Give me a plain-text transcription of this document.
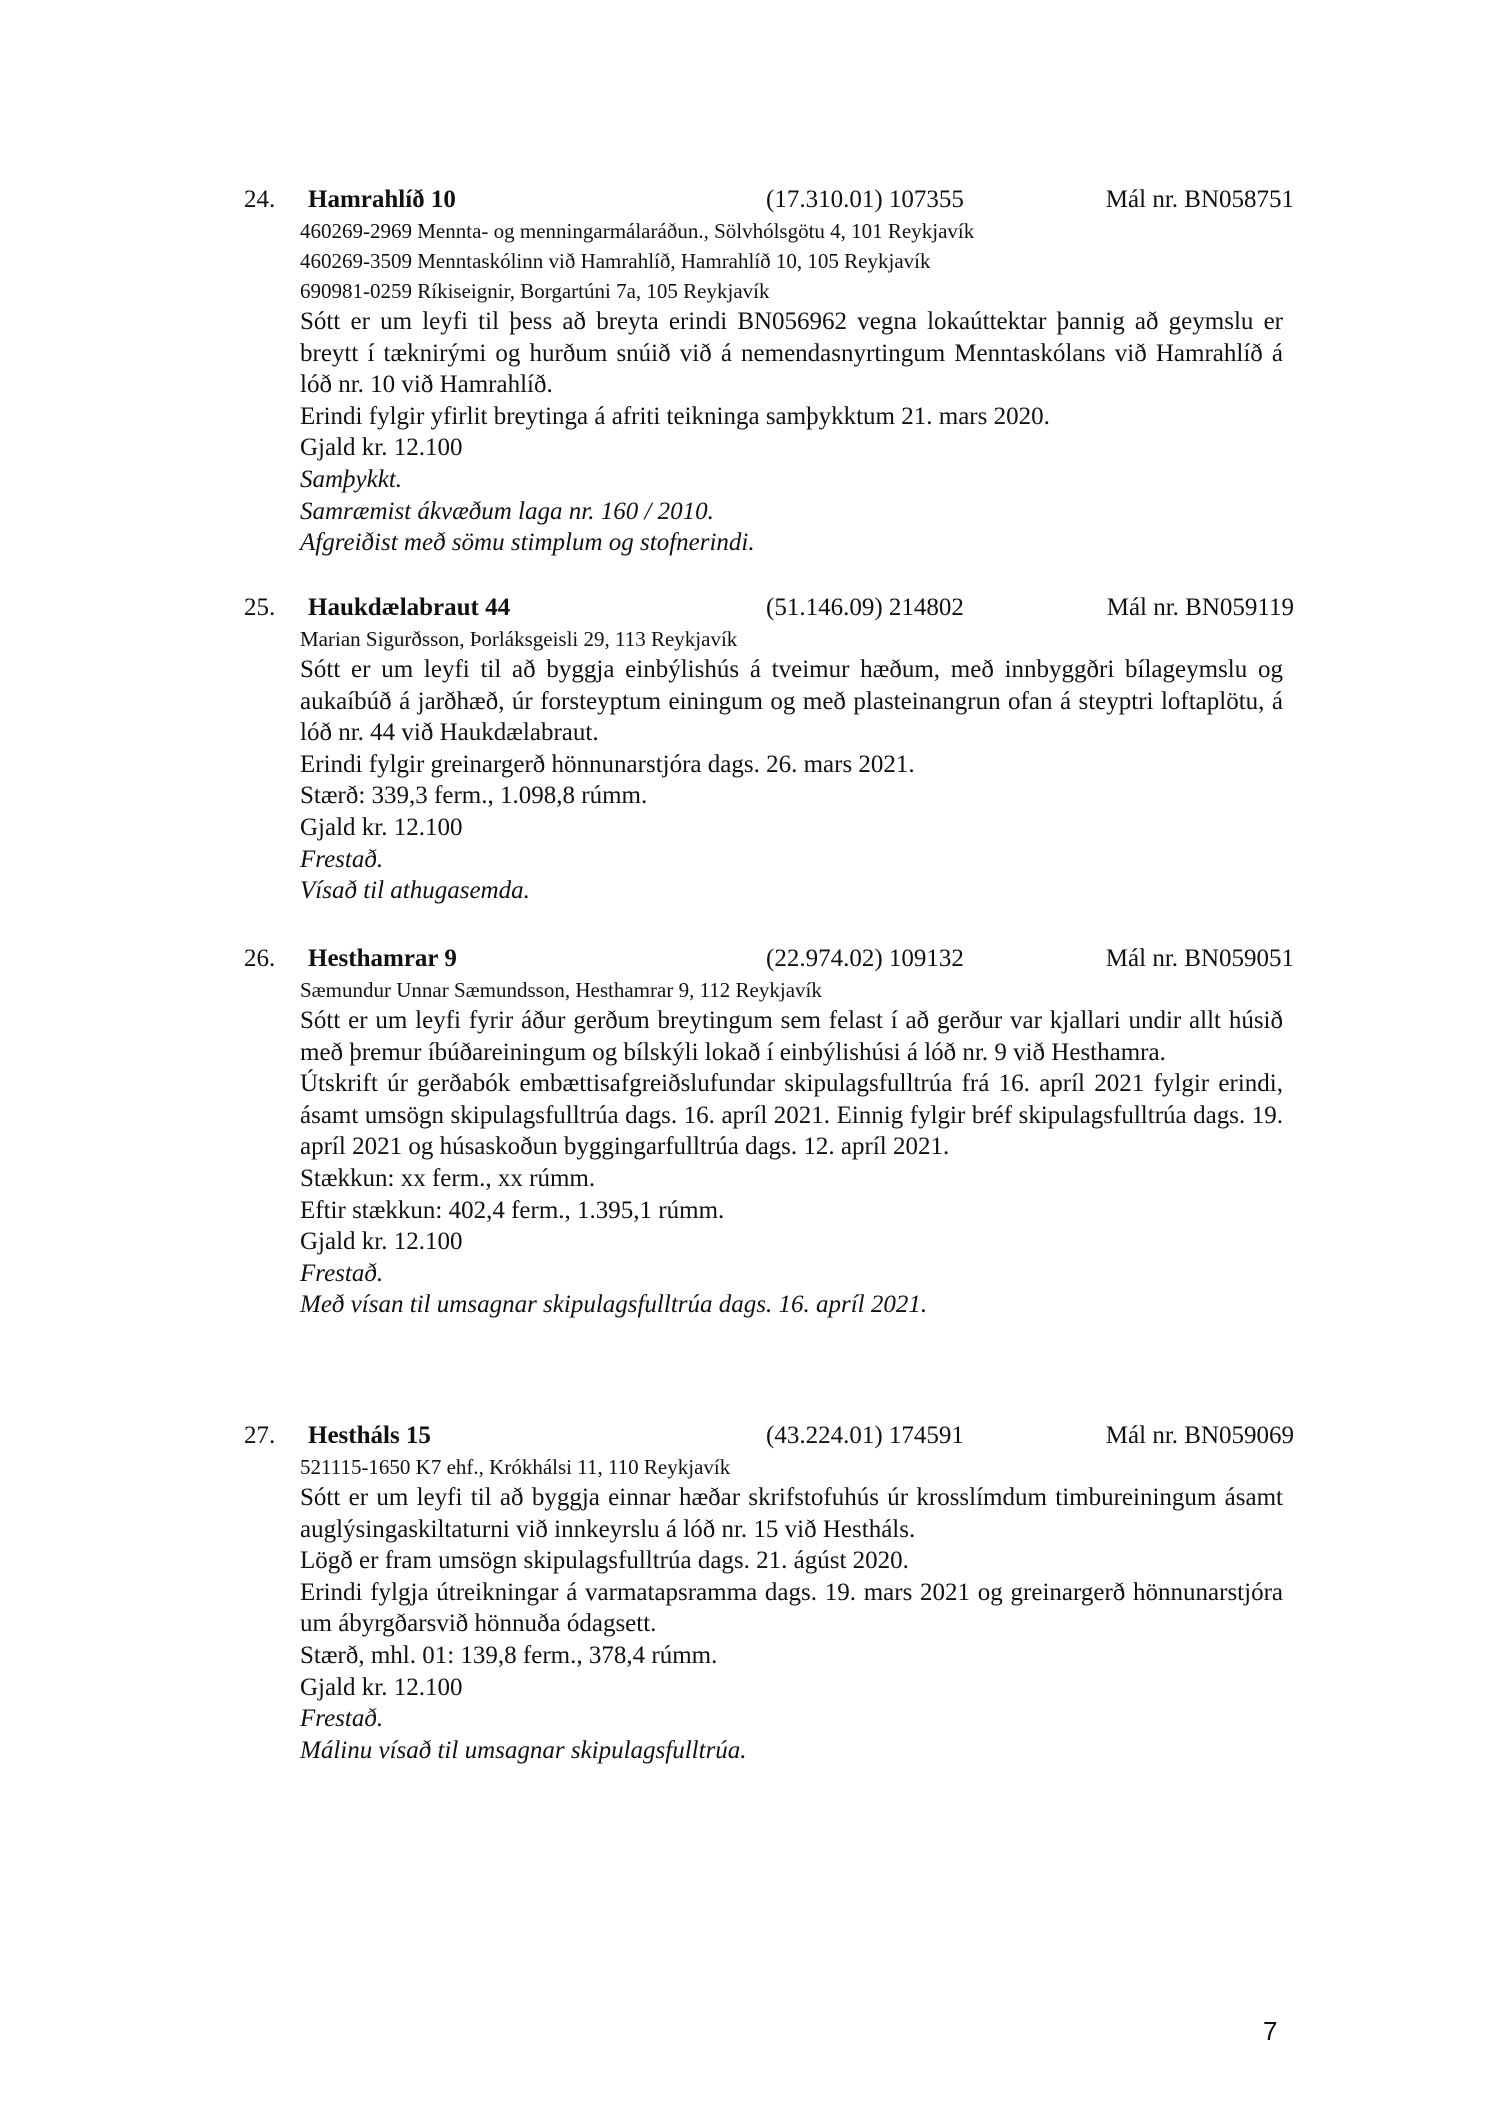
24. Hamrahlíð 10	(17.310.01) 107355	Mál nr. BN058751
460269-2969 Mennta- og menningarmálaráðun., Sölvhólsgötu 4, 101 Reykjavík
460269-3509 Menntaskólinn við Hamrahlíð, Hamrahlíð 10, 105 Reykjavík
690981-0259 Ríkiseignir, Borgartúni 7a, 105 Reykjavík
Sótt er um leyfi til þess að breyta erindi BN056962 vegna lokaúttektar þannig að geymslu er breytt í tæknirými og hurðum snúið við á nemendasnyrtingum Menntaskólans við Hamrahlíð á lóð nr. 10 við Hamrahlíð.
Erindi fylgir yfirlit breytinga á afriti teikninga samþykktum 21. mars 2020.
Gjald kr. 12.100
Samþykkt.
Samræmist ákvæðum laga nr. 160 / 2010.
Afgreiðist með sömu stimplum og stofnerindi.
25. Haukdælabraut 44	(51.146.09) 214802	Mál nr. BN059119
Marian Sigurðsson, Þorláksgeisli 29, 113 Reykjavík
Sótt er um leyfi til að byggja einbýlishús á tveimur hæðum, með innbyggðri bílageymslu og aukaíbúð á jarðhæð, úr forsteyptum einingum og með plasteinangrun ofan á steyptri loftaplötu, á lóð nr. 44 við Haukdælabraut.
Erindi fylgir greinargerð hönnunarstjóra dags. 26. mars 2021.
Stærð: 339,3 ferm., 1.098,8 rúmm.
Gjald kr. 12.100
Frestað.
Vísað til athugasemda.
26. Hesthamrar 9	(22.974.02) 109132	Mál nr. BN059051
Sæmundur Unnar Sæmundsson, Hesthamrar 9, 112 Reykjavík
Sótt er um leyfi fyrir áður gerðum breytingum sem felast í að gerður var kjallari undir allt húsið með þremur íbúðareiningum og bílskýli lokað í einbýlishúsi á lóð nr. 9 við Hesthamra.
Útskrift úr gerðabók embættisafgreiðslufundar skipulagsfulltrúa frá 16. apríl 2021 fylgir erindi, ásamt umsögn skipulagsfulltrúa dags. 16. apríl 2021. Einnig fylgir bréf skipulagsfulltrúa dags. 19. apríl 2021 og húsaskoðun byggingarfulltrúa dags. 12. apríl 2021.
Stækkun: xx ferm., xx rúmm.
Eftir stækkun: 402,4 ferm., 1.395,1 rúmm.
Gjald kr. 12.100
Frestað.
Með vísan til umsagnar skipulagsfulltrúa dags. 16. apríl 2021.
27. Hestháls 15	(43.224.01) 174591	Mál nr. BN059069
521115-1650 K7 ehf., Krókhálsi 11, 110 Reykjavík
Sótt er um leyfi til að byggja einnar hæðar skrifstofuhús úr krosslímdum timbureiningum ásamt auglýsingaskiltaturni við innkeyrslu á lóð nr. 15 við Hestháls.
Lögð er fram umsögn skipulagsfulltrúa dags. 21. ágúst 2020.
Erindi fylgja útreikningar á varmatapsramma dags. 19. mars 2021 og greinargerð hönnunarstjóra um ábyrgðarsvið hönnuða ódagsett.
Stærð, mhl. 01: 139,8 ferm., 378,4 rúmm.
Gjald kr. 12.100
Frestað.
Málinu vísað til umsagnar skipulagsfulltrúa.
7
